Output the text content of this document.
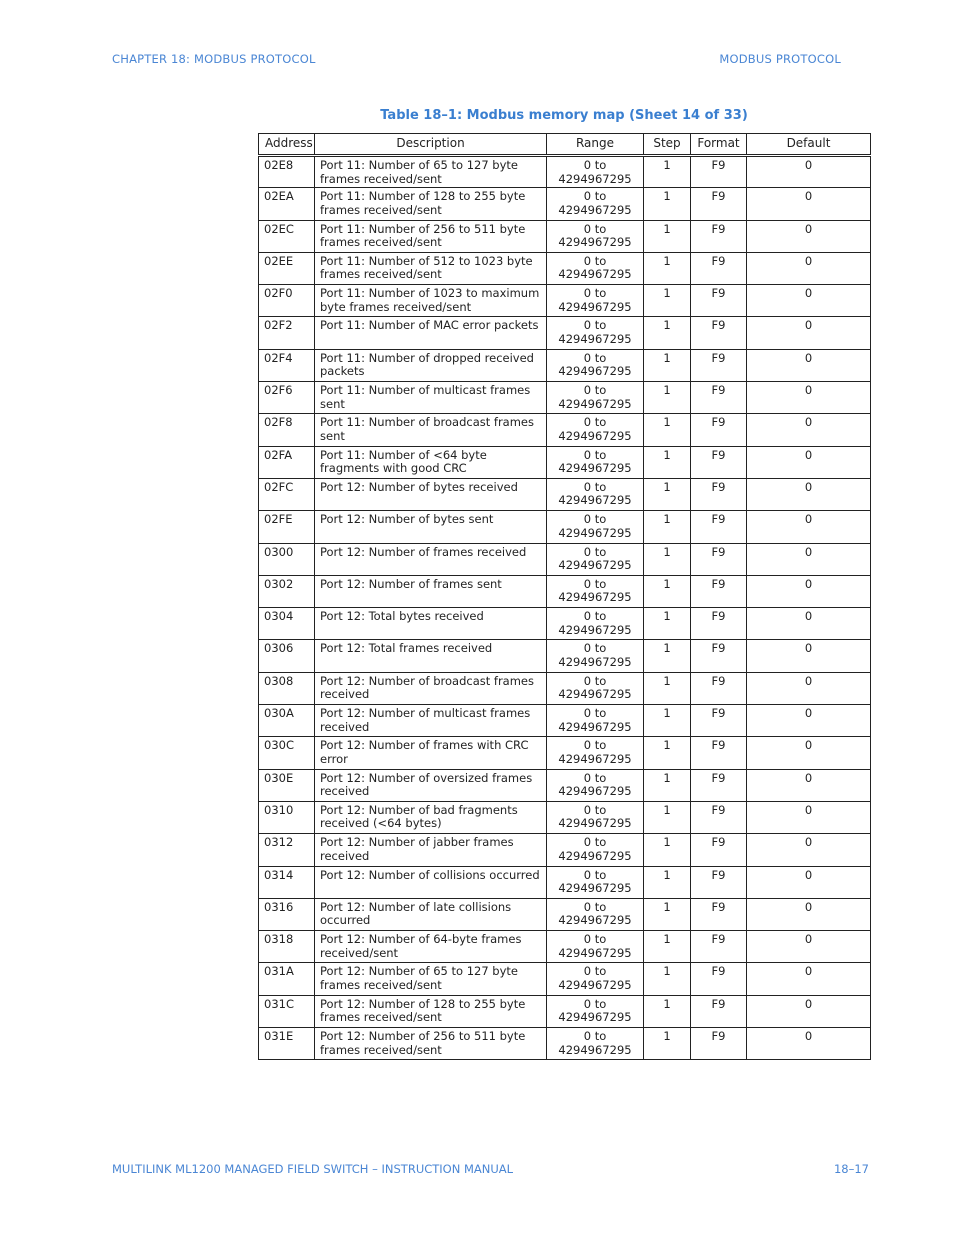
CHAPTER 18: MODBUS PROTOCOL	MODBUS PROTOCOL
Table 18–1: Modbus memory map (Sheet 14 of 33)
Address	Description	Range	Step	Format	Default
02E8	Port 11: Number of 65 to 127 byte frames received/sent	0 to 4294967295	1	F9	0
02EA	Port 11: Number of 128 to 255 byte frames received/sent	0 to 4294967295	1	F9	0
02EC	Port 11: Number of 256 to 511 byte frames received/sent	0 to 4294967295	1	F9	0
02EE	Port 11: Number of 512 to 1023 byte frames received/sent	0 to 4294967295	1	F9	0
02F0	Port 11: Number of 1023 to maximum byte frames received/sent	0 to 4294967295	1	F9	0
02F2	Port 11: Number of MAC error packets	0 to 4294967295	1	F9	0
02F4	Port 11: Number of dropped received packets	0 to 4294967295	1	F9	0
02F6	Port 11: Number of multicast frames sent	0 to 4294967295	1	F9	0
02F8	Port 11: Number of broadcast frames sent	0 to 4294967295	1	F9	0
02FA	Port 11: Number of <64 byte fragments with good CRC	0 to 4294967295	1	F9	0
02FC	Port 12: Number of bytes received	0 to 4294967295	1	F9	0
02FE	Port 12: Number of bytes sent	0 to 4294967295	1	F9	0
0300	Port 12: Number of frames received	0 to 4294967295	1	F9	0
0302	Port 12: Number of frames sent	0 to 4294967295	1	F9	0
0304	Port 12: Total bytes received	0 to 4294967295	1	F9	0
0306	Port 12: Total frames received	0 to 4294967295	1	F9	0
0308	Port 12: Number of broadcast frames received	0 to 4294967295	1	F9	0
030A	Port 12: Number of multicast frames received	0 to 4294967295	1	F9	0
030C	Port 12: Number of frames with CRC error	0 to 4294967295	1	F9	0
030E	Port 12: Number of oversized frames received	0 to 4294967295	1	F9	0
0310	Port 12: Number of bad fragments received (<64 bytes)	0 to 4294967295	1	F9	0
0312	Port 12: Number of jabber frames received	0 to 4294967295	1	F9	0
0314	Port 12: Number of collisions occurred	0 to 4294967295	1	F9	0
0316	Port 12: Number of late collisions occurred	0 to 4294967295	1	F9	0
0318	Port 12: Number of 64-byte frames received/sent	0 to 4294967295	1	F9	0
031A	Port 12: Number of 65 to 127 byte frames received/sent	0 to 4294967295	1	F9	0
031C	Port 12: Number of 128 to 255 byte frames received/sent	0 to 4294967295	1	F9	0
031E	Port 12: Number of 256 to 511 byte frames received/sent	0 to 4294967295	1	F9	0
MULTILINK ML1200 MANAGED FIELD SWITCH – INSTRUCTION MANUAL	18–17
